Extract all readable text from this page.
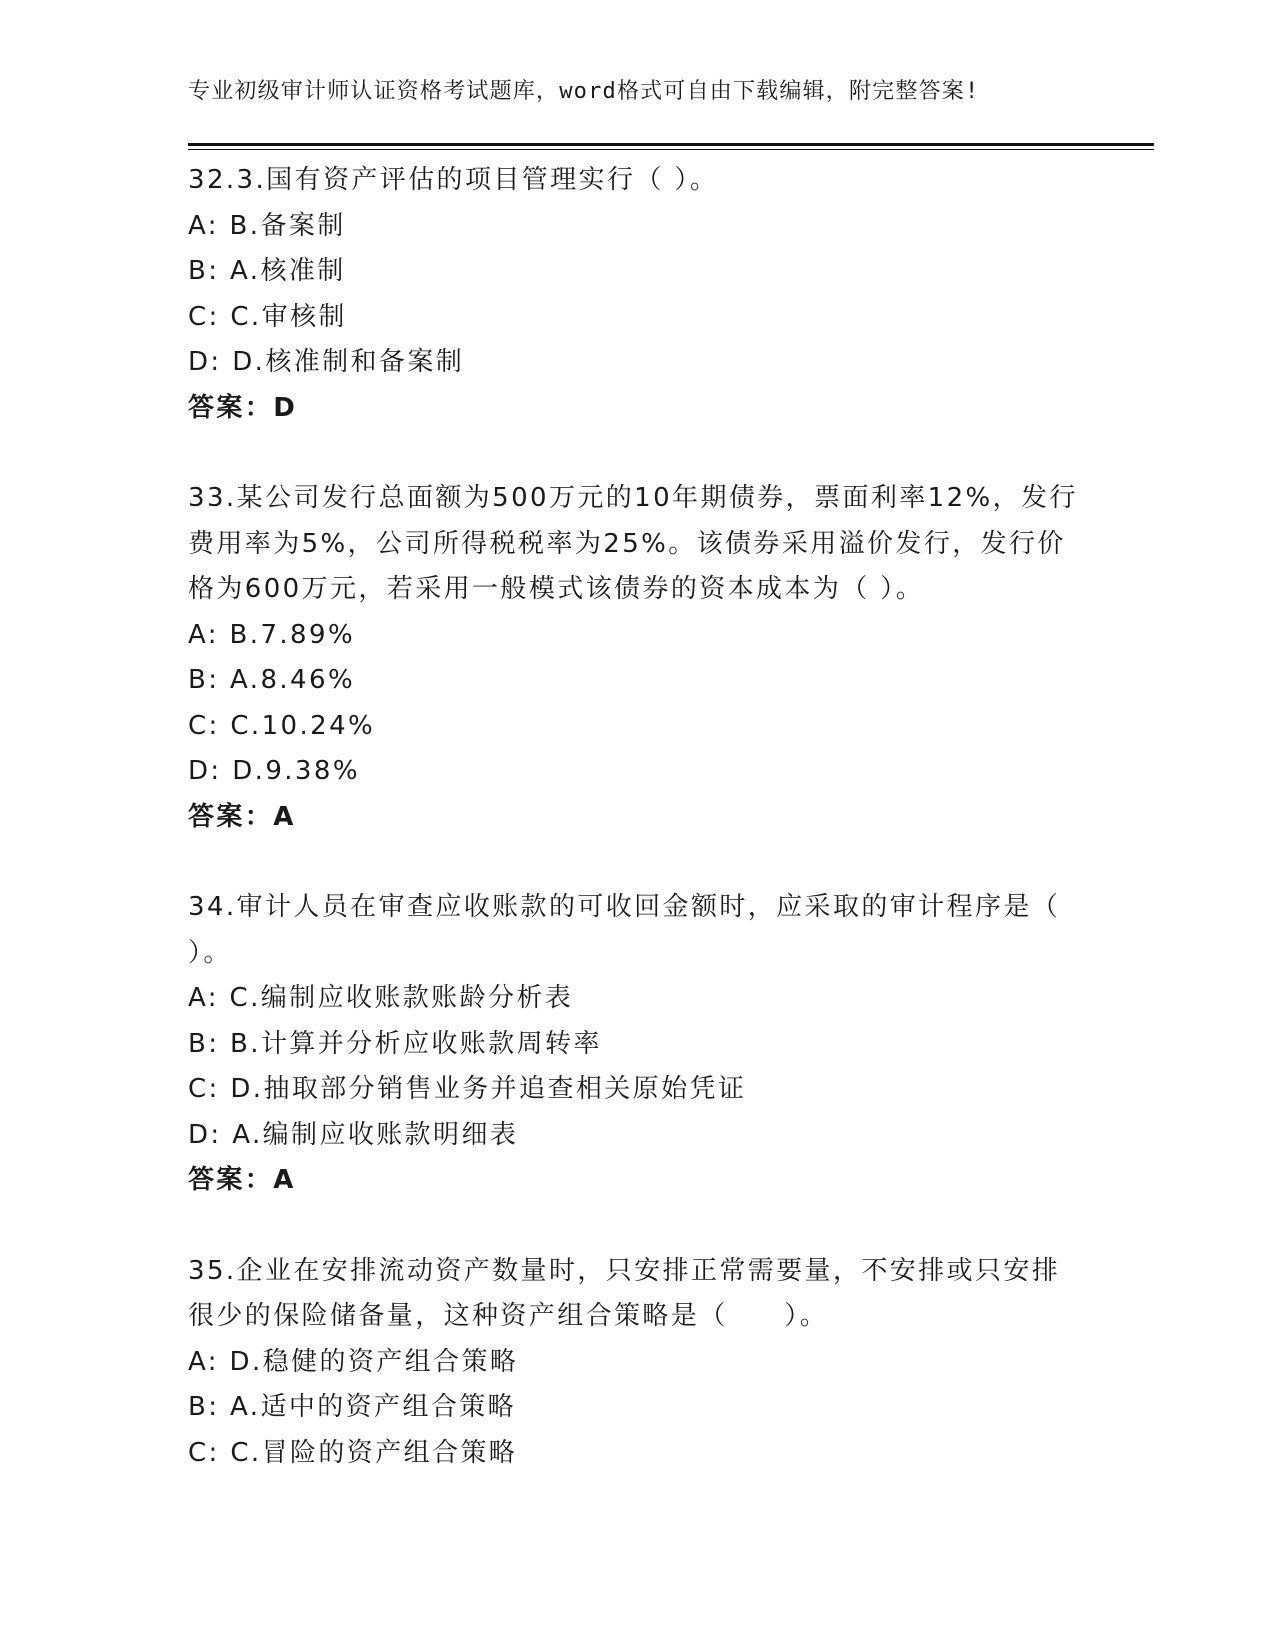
专业初级审计师认证资格考试题库，word格式可自由下载编辑，附完整答案!

32.3.国有资产评估的项目管理实行（ ）。

A: B.备案制

B: A.核准制

C: C.审核制

D: D.核准制和备案制

答案：D

33.某公司发行总面额为500万元的10年期债券，票面利率12%，发行费用率为5%，公司所得税税率为25%。该债券采用溢价发行，发行价格为600万元，若采用一般模式该债券的资本成本为（ ）。

A: B.7.89%

B: A.8.46%

C: C.10.24%

D: D.9.38%

答案：A

34.审计人员在审查应收账款的可收回金额时，应采取的审计程序是（ ）。

A: C.编制应收账款账龄分析表

B: B.计算并分析应收账款周转率

C: D.抽取部分销售业务并追查相关原始凭证

D: A.编制应收账款明细表

答案：A

35.企业在安排流动资产数量时，只安排正常需要量，不安排或只安排很少的保险储备量，这种资产组合策略是（　　）。

A: D.稳健的资产组合策略

B: A.适中的资产组合策略

C: C.冒险的资产组合策略
